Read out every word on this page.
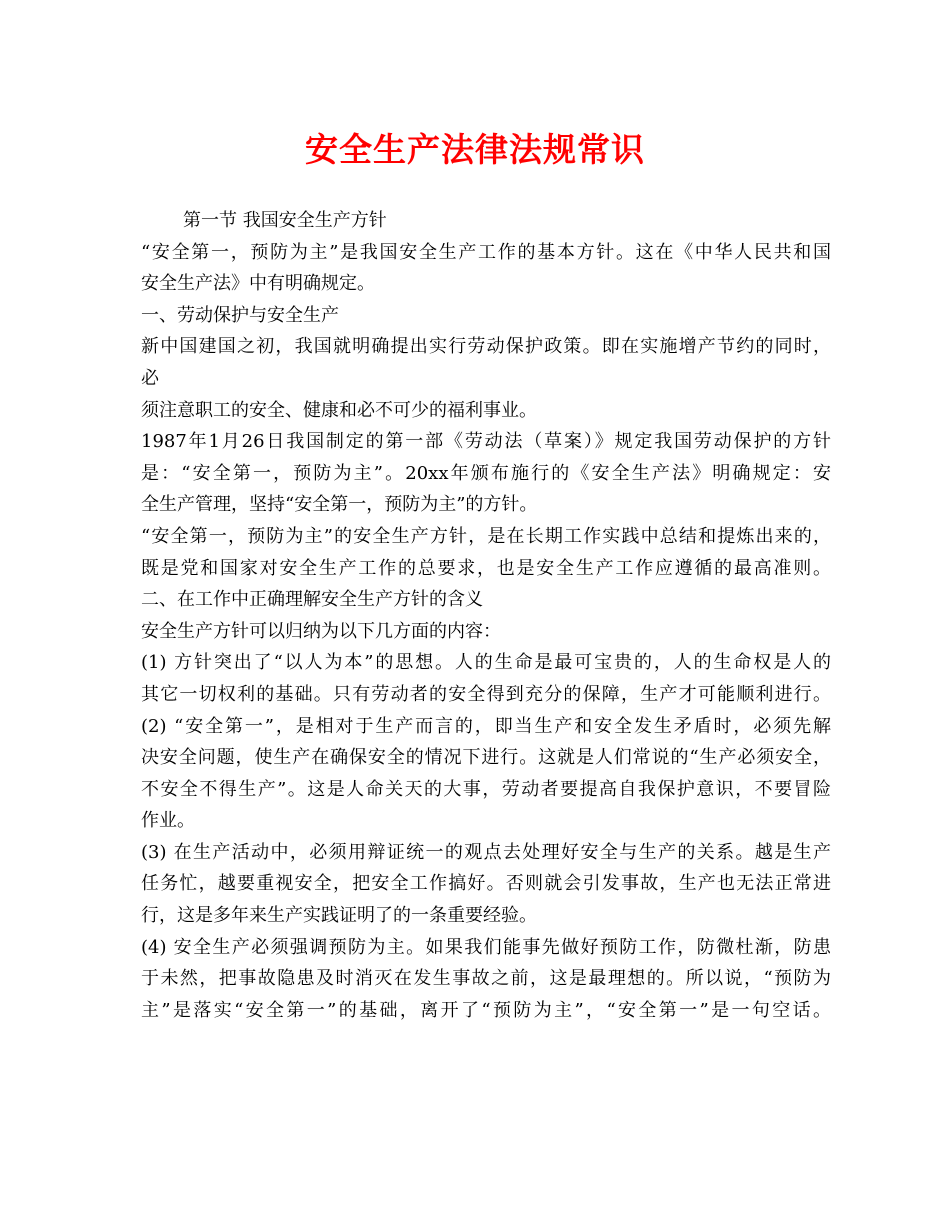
安全生产法律法规常识
第一节 我国安全生产方针
“安全第一，预防为主”是我国安全生产工作的基本方针。这在《中华人民共和国
安全生产法》中有明确规定。
一、劳动保护与安全生产
新中国建国之初，我国就明确提出实行劳动保护政策。即在实施增产节约的同时，
必
须注意职工的安全、健康和必不可少的福利事业。
1987年1月26日我国制定的第一部《劳动法（草案）》规定我国劳动保护的方针
是：“安全第一，预防为主”。20xx年颁布施行的《安全生产法》明确规定：安
全生产管理，坚持“安全第一，预防为主”的方针。
“安全第一，预防为主”的安全生产方针，是在长期工作实践中总结和提炼出来的，
既是党和国家对安全生产工作的总要求，也是安全生产工作应遵循的最高准则。
二、在工作中正确理解安全生产方针的含义
安全生产方针可以归纳为以下几方面的内容：
(1) 方针突出了“以人为本”的思想。人的生命是最可宝贵的，人的生命权是人的
其它一切权利的基础。只有劳动者的安全得到充分的保障，生产才可能顺利进行。
(2) “安全第一”，是相对于生产而言的，即当生产和安全发生矛盾时，必须先解
决安全问题，使生产在确保安全的情况下进行。这就是人们常说的“生产必须安全，
不安全不得生产”。这是人命关天的大事，劳动者要提高自我保护意识，不要冒险
作业。
(3) 在生产活动中，必须用辩证统一的观点去处理好安全与生产的关系。越是生产
任务忙，越要重视安全，把安全工作搞好。否则就会引发事故，生产也无法正常进
行，这是多年来生产实践证明了的一条重要经验。
(4) 安全生产必须强调预防为主。如果我们能事先做好预防工作，防微杜渐，防患
于未然，把事故隐患及时消灭在发生事故之前，这是最理想的。所以说，“预防为
主”是落实“安全第一”的基础，离开了“预防为主”，“安全第一”是一句空话。
